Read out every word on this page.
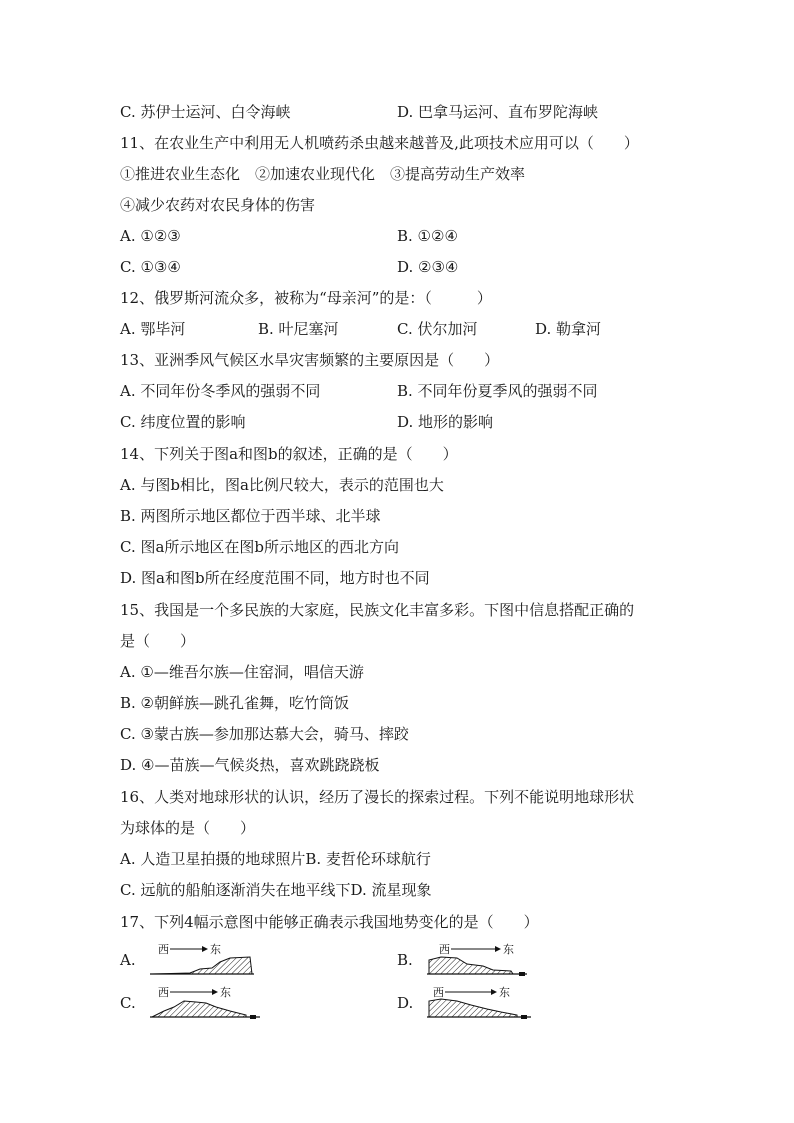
C. 苏伊士运河、白令海峡	D. 巴拿马运河、直布罗陀海峡
11、在农业生产中利用无人机喷药杀虫越来越普及,此项技术应用可以（　　）
①推进农业生态化　②加速农业现代化　③提高劳动生产效率
④减少农药对农民身体的伤害
A. ①②③	B. ①②④
C. ①③④	D. ②③④
12、俄罗斯河流众多，被称为“母亲河”的是：（　　　）
A. 鄂毕河	B. 叶尼塞河	C. 伏尔加河	D. 勒拿河
13、亚洲季风气候区水旱灾害频繁的主要原因是（　　）
A. 不同年份冬季风的强弱不同	B. 不同年份夏季风的强弱不同
C. 纬度位置的影响	D. 地形的影响
14、下列关于图a和图b的叙述，正确的是（　　）
A. 与图b相比，图a比例尺较大，表示的范围也大
B. 两图所示地区都位于西半球、北半球
C. 图a所示地区在图b所示地区的西北方向
D. 图a和图b所在经度范围不同，地方时也不同
15、我国是一个多民族的大家庭，民族文化丰富多彩。下图中信息搭配正确的
是（　　）
A. ①—维吾尔族—住窑洞，唱信天游
B. ②朝鲜族—跳孔雀舞，吃竹筒饭
C. ③蒙古族—参加那达慕大会，骑马、摔跤
D. ④—苗族—气候炎热，喜欢跳跷跷板
16、人类对地球形状的认识，经历了漫长的探索过程。下列不能说明地球形状
为球体的是（　　）
A. 人造卫星拍摄的地球照片B. 麦哲伦环球航行
C. 远航的船舶逐渐消失在地平线下D. 流星现象
17、下列4幅示意图中能够正确表示我国地势变化的是（　　）
A.
西	东
B.
西	东
C.
西	东
D.
西	东
